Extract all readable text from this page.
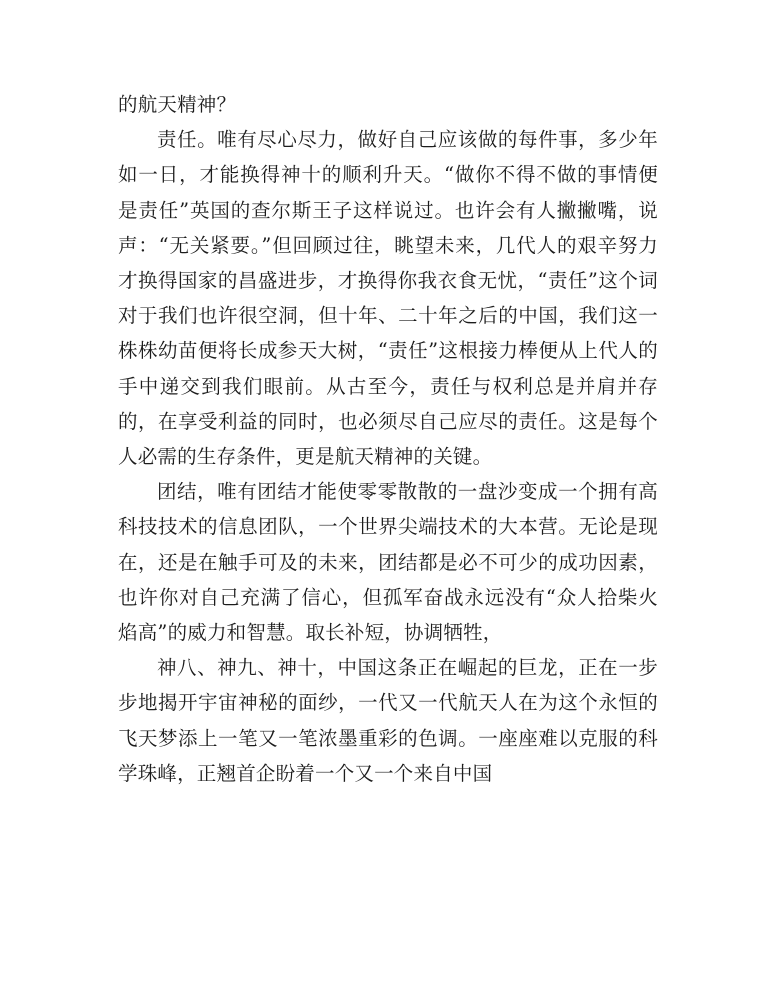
的航天精神？

责任。唯有尽心尽力，做好自己应该做的每件事，多少年如一日，才能换得神十的顺利升天。“做你不得不做的事情便是责任”英国的查尔斯王子这样说过。也许会有人撇撇嘴，说声：“无关紧要。”但回顾过往，眺望未来，几代人的艰辛努力才换得国家的昌盛进步，才换得你我衣食无忧，“责任”这个词对于我们也许很空洞，但十年、二十年之后的中国，我们这一株株幼苗便将长成参天大树，“责任”这根接力棒便从上代人的手中递交到我们眼前。从古至今，责任与权利总是并肩并存的，在享受利益的同时，也必须尽自己应尽的责任。这是每个人必需的生存条件，更是航天精神的关键。

团结，唯有团结才能使零零散散的一盘沙变成一个拥有高科技技术的信息团队，一个世界尖端技术的大本营。无论是现在，还是在触手可及的未来，团结都是必不可少的成功因素，也许你对自己充满了信心，但孤军奋战永远没有“众人拾柴火焰高”的威力和智慧。取长补短，协调牺牲，

神八、神九、神十，中国这条正在崛起的巨龙，正在一步步地揭开宇宙神秘的面纱，一代又一代航天人在为这个永恒的飞天梦添上一笔又一笔浓墨重彩的色调。一座座难以克服的科学珠峰，正翘首企盼着一个又一个来自中国
